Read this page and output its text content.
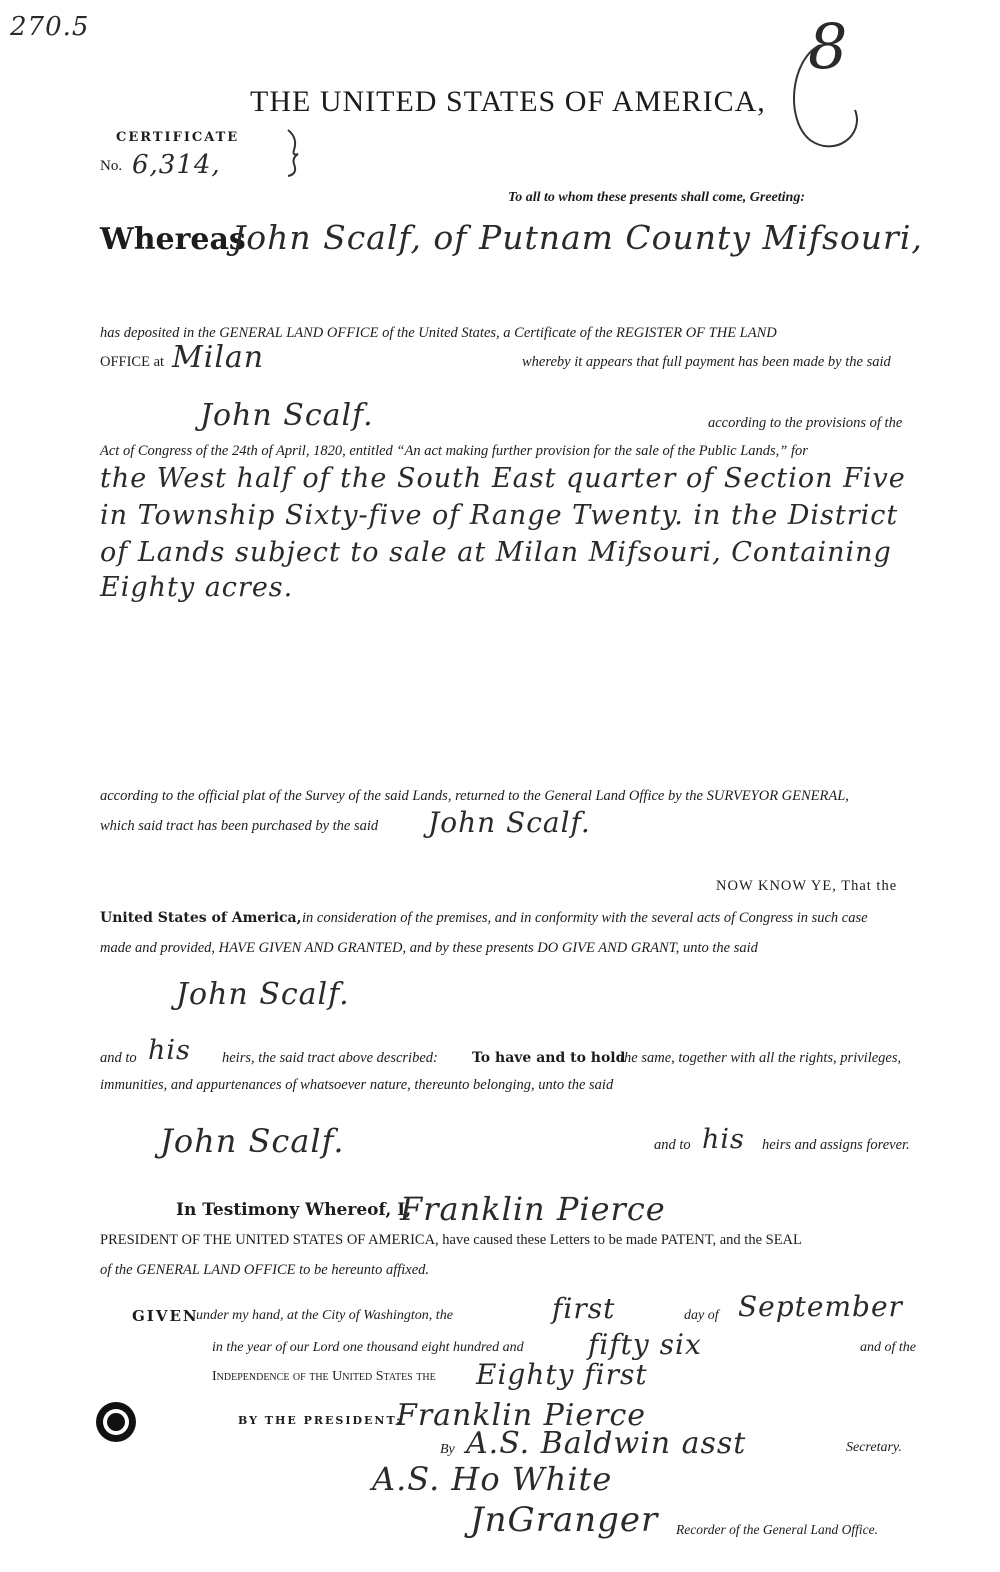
270.5	8
THE UNITED STATES OF AMERICA,
CERTIFICATE
No. 6,314,
To all to whom these presents shall come, Greeting:
Whereas
John Scalf, of Putnam County Mifsouri,
has deposited in the GENERAL LAND OFFICE of the United States, a Certificate of the REGISTER OF THE LAND
OFFICE at Milan	whereby it appears that full payment has been made by the said
John Scalf.	according to the provisions of the
Act of Congress of the 24th of April, 1820, entitled “An act making further provision for the sale of the Public Lands,” for
the West half of the South East quarter of Section Five
in Township Sixty-five of Range Twenty. in the District
of Lands subject to sale at Milan Mifsouri, Containing
Eighty acres.
according to the official plat of the Survey of the said Lands, returned to the General Land Office by the SURVEYOR GENERAL,
which said tract has been purchased by the said John Scalf.
NOW KNOW YE, That the
United States of America, in consideration of the premises, and in conformity with the several acts of Congress in such case
made and provided, HAVE GIVEN AND GRANTED, and by these presents DO GIVE AND GRANT, unto the said
John Scalf.
and to his heirs, the said tract above described: To have and to hold
the same, together with all the rights, privileges,
immunities, and appurtenances of whatsoever nature, thereunto belonging, unto the said
John Scalf.	and to his heirs and assigns forever.
In Testimony Whereof, I,
Franklin Pierce
PRESIDENT OF THE UNITED STATES OF AMERICA, have caused these Letters to be made PATENT, and the SEAL
of the GENERAL LAND OFFICE to be hereunto affixed.
GIVEN
under my hand, at the City of Washington, the	first	day of September
in the year of our Lord one thousand eight hundred and fifty six	and of the
Independence of the United States the Eighty first
BY THE PRESIDENT:
Franklin Pierce
By A.S. Baldwin asst	Secretary.
A.S. Ho White
JnGranger Recorder of the General Land Office.
